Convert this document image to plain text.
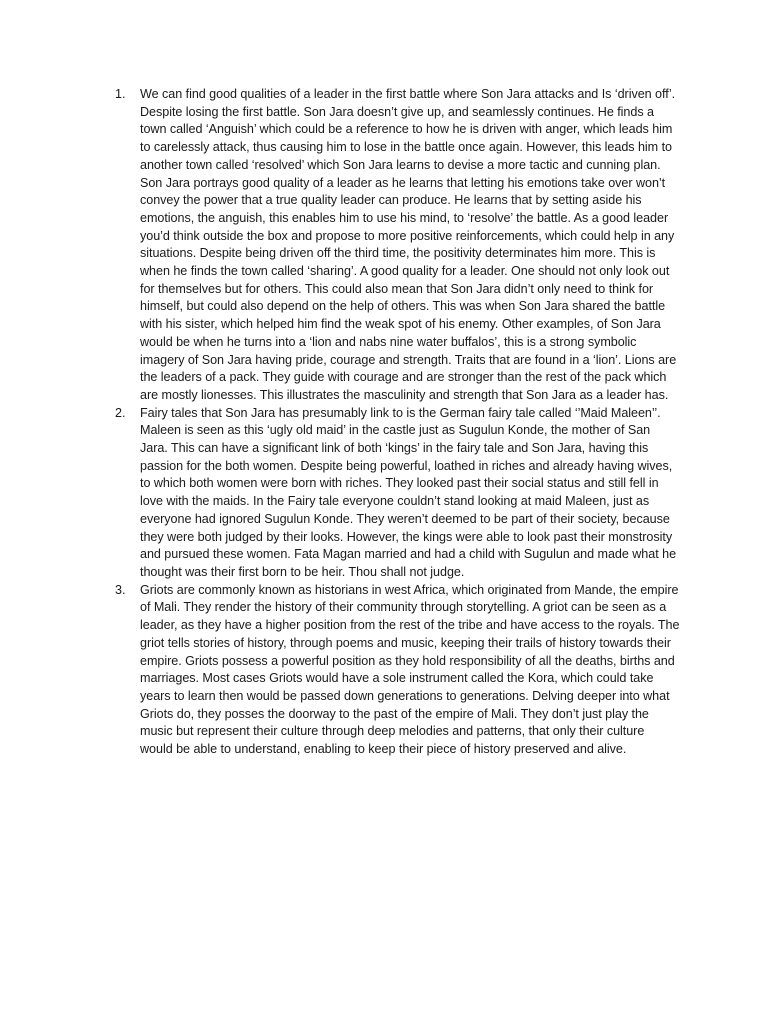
1.	We can find good qualities of a leader in the first battle where Son Jara attacks and Is ‘driven off’. Despite losing the first battle. Son Jara doesn’t give up, and seamlessly continues. He finds a town called ‘Anguish’ which could be a reference to how he is driven with anger, which leads him to carelessly attack, thus causing him to lose in the battle once again. However, this leads him to another town called ‘resolved’ which Son Jara learns to devise a more tactic and cunning plan. Son Jara portrays good quality of a leader as he learns that letting his emotions take over won’t convey the power that a true quality leader can produce. He learns that by setting aside his emotions, the anguish, this enables him to use his mind, to ‘resolve’ the battle. As a good leader you’d think outside the box and propose to more positive reinforcements, which could help in any situations. Despite being driven off the third time, the positivity determinates him more. This is when he finds the town called ‘sharing’. A good quality for a leader. One should not only look out for themselves but for others. This could also mean that Son Jara didn’t only need to think for himself, but could also depend on the help of others. This was when Son Jara shared the battle with his sister, which helped him find the weak spot of his enemy. Other examples, of Son Jara would be when he turns into a ‘lion and nabs nine water buffalos’, this is a strong symbolic imagery of Son Jara having pride, courage and strength. Traits that are found in a ‘lion’. Lions are the leaders of a pack. They guide with courage and are stronger than the rest of the pack which are mostly lionesses. This illustrates the masculinity and strength that Son Jara as a leader has.
2.	Fairy tales that Son Jara has presumably link to is the German fairy tale called ‘’Maid Maleen’’. Maleen is seen as this ‘ugly old maid’ in the castle just as Sugulun Konde, the mother of San Jara. This can have a significant link of both ‘kings’ in the fairy tale and Son Jara, having this passion for the both women. Despite being powerful, loathed in riches and already having wives, to which both women were born with riches. They looked past their social status and still fell in love with the maids. In the Fairy tale everyone couldn’t stand looking at maid Maleen, just as everyone had ignored Sugulun Konde. They weren’t deemed to be part of their society, because they were both judged by their looks. However, the kings were able to look past their monstrosity and pursued these women. Fata Magan married and had a child with Sugulun and made what he thought was their first born to be heir. Thou shall not judge.
3.	Griots are commonly known as historians in west Africa, which originated from Mande, the empire of Mali. They render the history of their community through storytelling. A griot can be seen as a leader, as they have a higher position from the rest of the tribe and have access to the royals. The griot tells stories of history, through poems and music, keeping their trails of history towards their empire. Griots possess a powerful position as they hold responsibility of all the deaths, births and marriages. Most cases Griots would have a sole instrument called the Kora, which could take years to learn then would be passed down generations to generations. Delving deeper into what Griots do, they posses the doorway to the past of the empire of Mali. They don’t just play the music but represent their culture through deep melodies and patterns, that only their culture would be able to understand, enabling to keep their piece of history preserved and alive.
